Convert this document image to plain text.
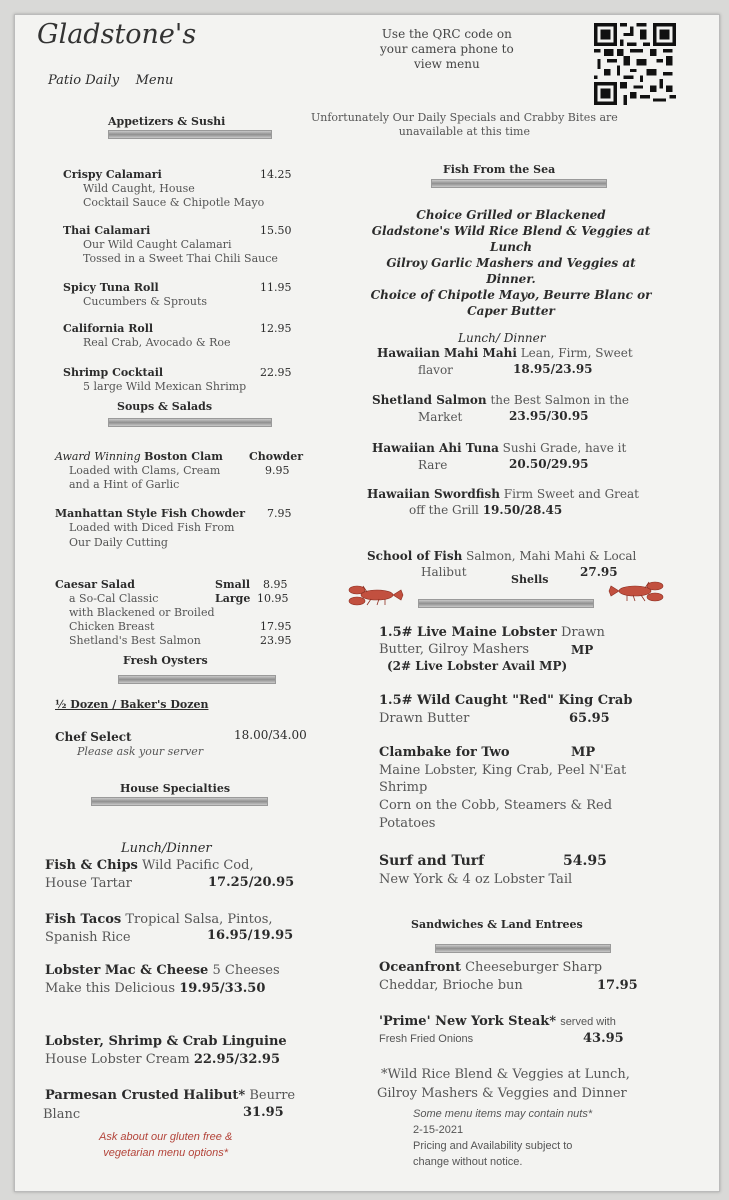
Gladstone's
Patio Daily Menu
Use the QRC code on
your camera phone to
view menu
Unfortunately Our Daily Specials and Crabby Bites are
unavailable at this time
Appetizers & Sushi
Crispy Calamari	14.25
Wild Caught, House
Cocktail Sauce & Chipotle Mayo
Thai Calamari	15.50
Our Wild Caught Calamari
Tossed in a Sweet Thai Chili Sauce
Spicy Tuna Roll	11.95
Cucumbers & Sprouts
California Roll	12.95
Real Crab, Avocado & Roe
Shrimp Cocktail	22.95
5 large Wild Mexican Shrimp
Soups & Salads
Award Winning Boston Clam Chowder
Loaded with Clams, Cream	9.95
and a Hint of Garlic
Manhattan Style Fish Chowder 7.95
Loaded with Diced Fish From
Our Daily Cutting
Caesar Salad	Small 8.95
a So-Cal Classic	Large 10.95
with Blackened or Broiled
Chicken Breast	17.95
Shetland's Best Salmon	23.95
Fresh Oysters
½ Dozen / Baker's Dozen
Chef Select	18.00/34.00
Please ask your server
House Specialties
Lunch/Dinner
Fish & Chips Wild Pacific Cod,
House Tartar	17.25/20.95
Fish Tacos Tropical Salsa, Pintos,
Spanish Rice	16.95/19.95
Lobster Mac & Cheese 5 Cheeses
Make this Delicious 19.95/33.50
Lobster, Shrimp & Crab Linguine
House Lobster Cream 22.95/32.95
Parmesan Crusted Halibut* Beurre
Blanc	31.95
Ask about our gluten free &
vegetarian menu options*
Fish From the Sea
Choice Grilled or Blackened
Gladstone's Wild Rice Blend & Veggies at
Lunch
Gilroy Garlic Mashers and Veggies at
Dinner.
Choice of Chipotle Mayo, Beurre Blanc or
Caper Butter
Lunch/ Dinner
Hawaiian Mahi Mahi Lean, Firm, Sweet
flavor	18.95/23.95
Shetland Salmon the Best Salmon in the
Market	23.95/30.95
Hawaiian Ahi Tuna Sushi Grade, have it
Rare	20.50/29.95
Hawaiian Swordfish Firm Sweet and Great
off the Grill 19.50/28.45
School of Fish Salmon, Mahi Mahi & Local
Halibut	27.95
Shells
1.5# Live Maine Lobster Drawn
Butter, Gilroy Mashers	MP
(2# Live Lobster Avail MP)
1.5# Wild Caught "Red" King Crab
Drawn Butter	65.95
Clambake for Two	MP
Maine Lobster, King Crab, Peel N'Eat
Shrimp
Corn on the Cobb, Steamers & Red
Potatoes
Surf and Turf	54.95
New York & 4 oz Lobster Tail
Sandwiches & Land Entrees
Oceanfront Cheeseburger Sharp
Cheddar, Brioche bun	17.95
'Prime' New York Steak* served with
Fresh Fried Onions	43.95
*Wild Rice Blend & Veggies at Lunch,
Gilroy Mashers & Veggies and Dinner
Some menu items may contain nuts*
2-15-2021
Pricing and Availability subject to
change without notice.
